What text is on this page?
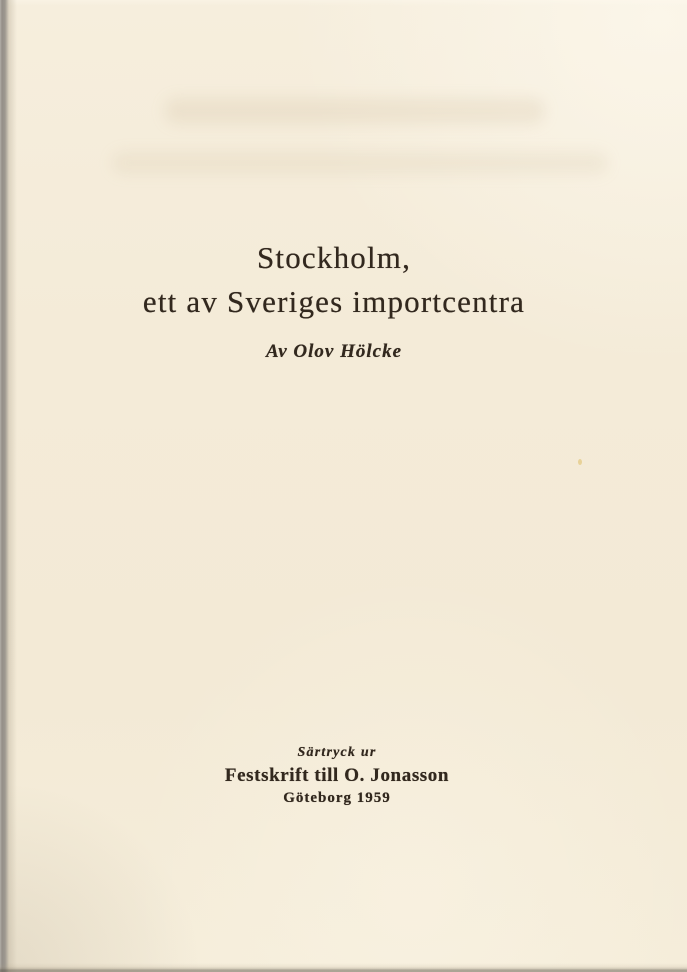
Stockholm,
ett av Sveriges importcentra
Av Olov Hölcke
Särtryck ur
Festskrift till O. Jonasson
Göteborg 1959
